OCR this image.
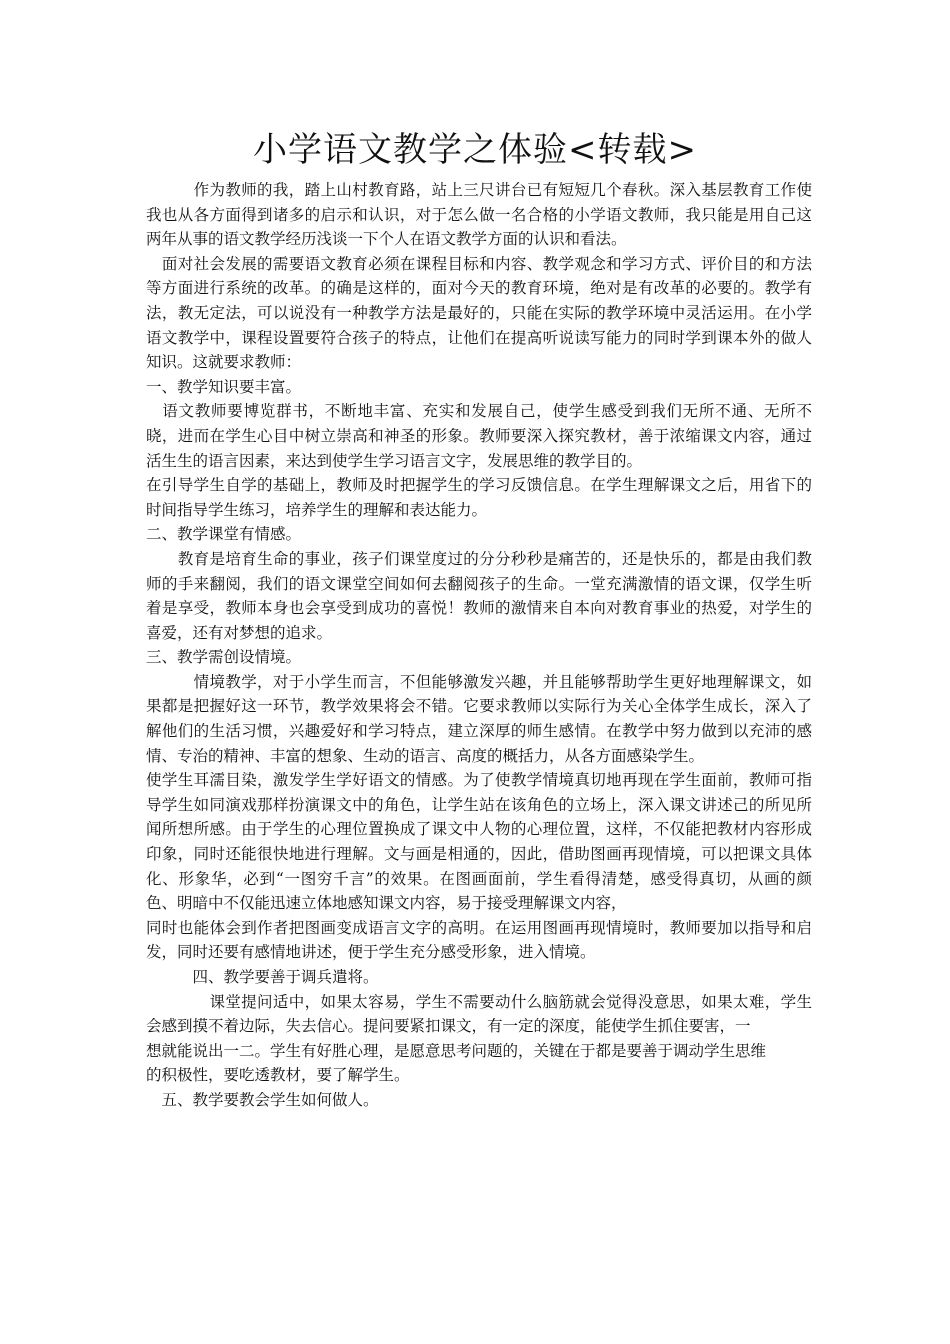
小学语文教学之体验<转载>

　　　作为教师的我，踏上山村教育路，站上三尺讲台已有短短几个春秋。深入基层教育工作使我也从各方面得到诸多的启示和认识，对于怎么做一名合格的小学语文教师，我只能是用自己这两年从事的语文教学经历浅谈一下个人在语文教学方面的认识和看法。

　面对社会发展的需要语文教育必须在课程目标和内容、教学观念和学习方式、评价目的和方法等方面进行系统的改革。的确是这样的，面对今天的教育环境，绝对是有改革的必要的。教学有法，教无定法，可以说没有一种教学方法是最好的，只能在实际的教学环境中灵活运用。在小学语文教学中，课程设置要符合孩子的特点，让他们在提高听说读写能力的同时学到课本外的做人知识。这就要求教师：

一、教学知识要丰富。

　语文教师要博览群书，不断地丰富、充实和发展自己，使学生感受到我们无所不通、无所不晓，进而在学生心目中树立崇高和神圣的形象。教师要深入探究教材，善于浓缩课文内容，通过活生生的语言因素，来达到使学生学习语言文字，发展思维的教学目的。

在引导学生自学的基础上，教师及时把握学生的学习反馈信息。在学生理解课文之后，用省下的时间指导学生练习，培养学生的理解和表达能力。

二、教学课堂有情感。

　　教育是培育生命的事业，孩子们课堂度过的分分秒秒是痛苦的，还是快乐的，都是由我们教师的手来翻阅，我们的语文课堂空间如何去翻阅孩子的生命。一堂充满激情的语文课，仅学生听着是享受，教师本身也会享受到成功的喜悦！教师的激情来自本向对教育事业的热爱，对学生的喜爱，还有对梦想的追求。

三、教学需创设情境。

　　　情境教学，对于小学生而言，不但能够激发兴趣，并且能够帮助学生更好地理解课文，如果都是把握好这一环节，教学效果将会不错。它要求教师以实际行为关心全体学生成长，深入了解他们的生活习惯，兴趣爱好和学习特点，建立深厚的师生感情。在教学中努力做到以充沛的感情、专治的精神、丰富的想象、生动的语言、高度的概括力，从各方面感染学生。

使学生耳濡目染，激发学生学好语文的情感。为了使教学情境真切地再现在学生面前，教师可指导学生如同演戏那样扮演课文中的角色，让学生站在该角色的立场上，深入课文讲述己的所见所闻所想所感。由于学生的心理位置换成了课文中人物的心理位置，这样，不仅能把教材内容形成印象，同时还能很快地进行理解。文与画是相通的，因此，借助图画再现情境，可以把课文具体化、形象华，必到“一图穷千言”的效果。在图画面前，学生看得清楚，感受得真切，从画的颜色、明暗中不仅能迅速立体地感知课文内容，易于接受理解课文内容，

同时也能体会到作者把图画变成语言文字的高明。在运用图画再现情境时，教师要加以指导和启发，同时还要有感情地讲述，便于学生充分感受形象，进入情境。

　　　四、教学要善于调兵遣将。

　　　　课堂提问适中，如果太容易，学生不需要动什么脑筋就会觉得没意思，如果太难，学生会感到摸不着边际，失去信心。提问要紧扣课文，有一定的深度，能使学生抓住要害，一

想就能说出一二。学生有好胜心理，是愿意思考问题的，关键在于都是要善于调动学生思维

的积极性，要吃透教材，要了解学生。

　五、教学要教会学生如何做人。
